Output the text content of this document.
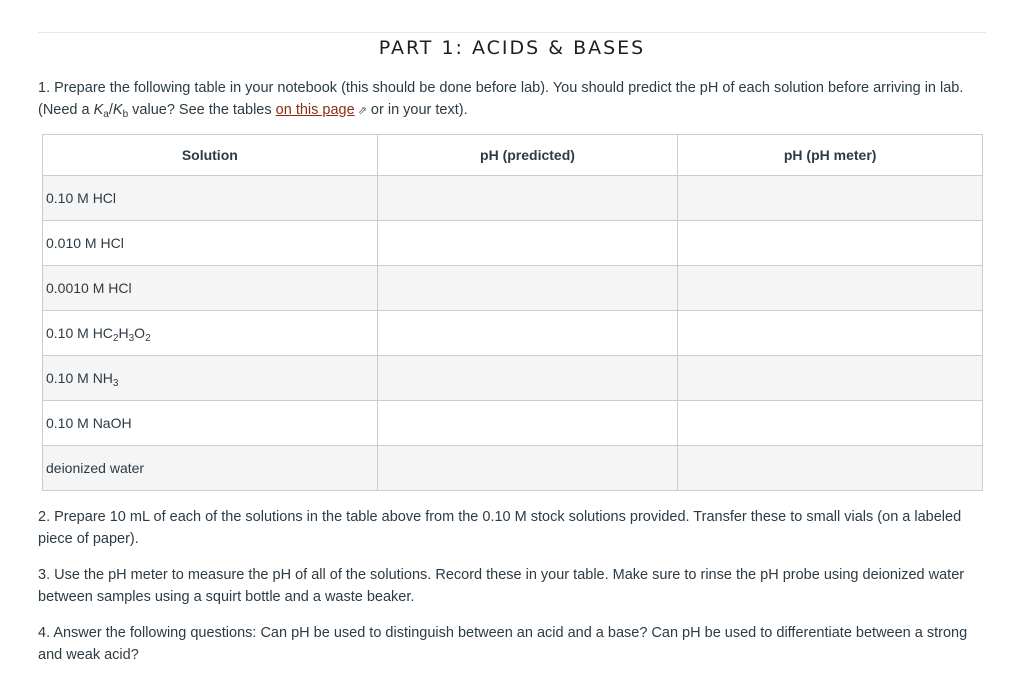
PART 1: ACIDS & BASES

1. Prepare the following table in your notebook (this should be done before lab). You should predict the pH of each solution before arriving in lab. (Need a $K_a/K_b$ value? See the tables on this page ⇗ or in your text).

Solution	pH (predicted)	pH (pH meter)
0.10 M HCl		
0.010 M HCl		
0.0010 M HCl		
0.10 M $HC_2H_3O_2$		
0.10 M $NH_3$		
0.10 M NaOH		
deionized water		

2. Prepare 10 mL of each of the solutions in the table above from the 0.10 M stock solutions provided. Transfer these to small vials (on a labeled piece of paper).

3. Use the pH meter to measure the pH of all of the solutions. Record these in your table. Make sure to rinse the pH probe using deionized water between samples using a squirt bottle and a waste beaker.

4. Answer the following questions: Can pH be used to distinguish between an acid and a base? Can pH be used to differentiate between a strong and weak acid?
